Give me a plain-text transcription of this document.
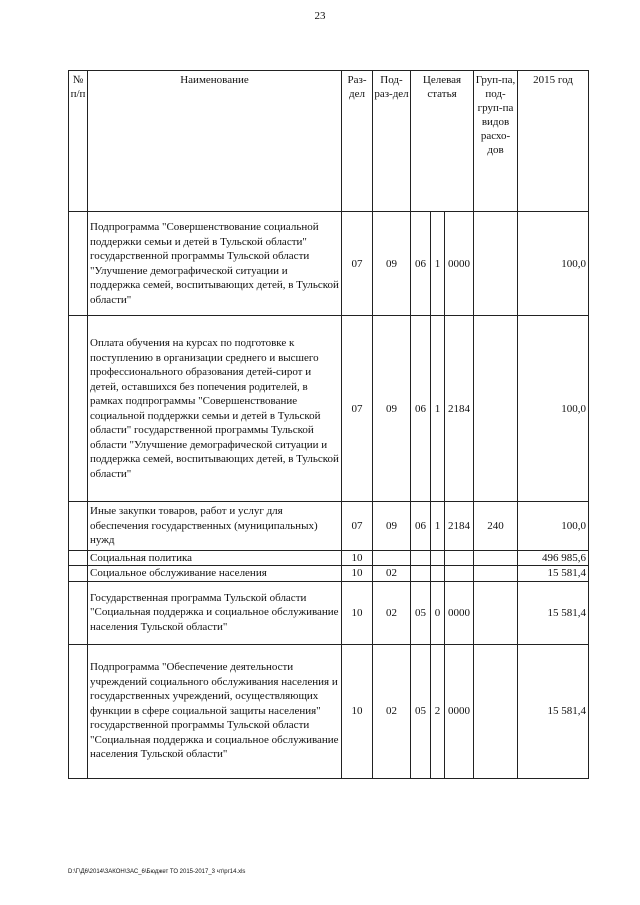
23
№ п/п	Наименование	Раз-дел	Под-раз-дел	Целевая статья			Груп-па, под-груп-па видов расхо-дов	2015 год
	Подпрограмма "Совершенствование социальной поддержки семьи и детей в Тульской области" государственной программы Тульской области "Улучшение демографической ситуации и поддержка семей, воспитывающих детей, в Тульской области"	07	09	06	1	0000		100,0
	Оплата обучения на курсах по подготовке к поступлению в организации среднего и высшего профессионального образования детей-сирот и детей, оставшихся без попечения родителей, в рамках подпрограммы "Совершенствование социальной поддержки семьи и детей в Тульской области" государственной программы Тульской области "Улучшение демографической ситуации и поддержка семей, воспитывающих детей, в Тульской области"	07	09	06	1	2184		100,0
	Иные закупки товаров, работ и услуг для обеспечения государственных (муниципальных) нужд	07	09	06	1	2184	240	100,0
	Социальная политика	10						496 985,6
	Социальное обслуживание населения	10	02					15 581,4
	Государственная программа Тульской области "Социальная поддержка и социальное обслуживание населения Тульской области"	10	02	05	0	0000		15 581,4
	Подпрограмма "Обеспечение деятельности учреждений социального обслуживания населения и государственных учреждений, осуществляющих функции в сфере социальной защиты населения" государственной программы Тульской области "Социальная поддержка и социальное обслуживание населения Тульской области"	10	02	05	2	0000		15 581,4
D:\Г\Д6\2014\ЗАКОН\ЗАС_6\Бюджет ТО 2015-2017_3 чт\рг14.xls
